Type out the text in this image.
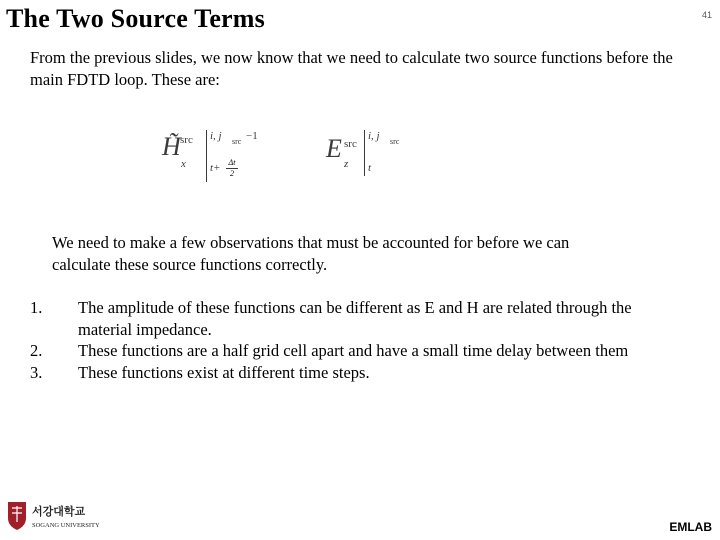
The Two Source Terms	41
From the previous slides, we now know that we need to calculate two source functions before the main FDTD loop. These are:
H̃ src
x
i, j src −1
t+	Δt
2
E src
z
i, j src
t
We need to make a few observations that must be accounted for before we can calculate these source functions correctly.
1.	The amplitude of these functions can be different as E and H are related through the material impedance.
2.	These functions are a half grid cell apart and have a small time delay between them
3.	These functions exist at different time steps.
서강대학교
SOGANG UNIVERSITY	EMLAB
